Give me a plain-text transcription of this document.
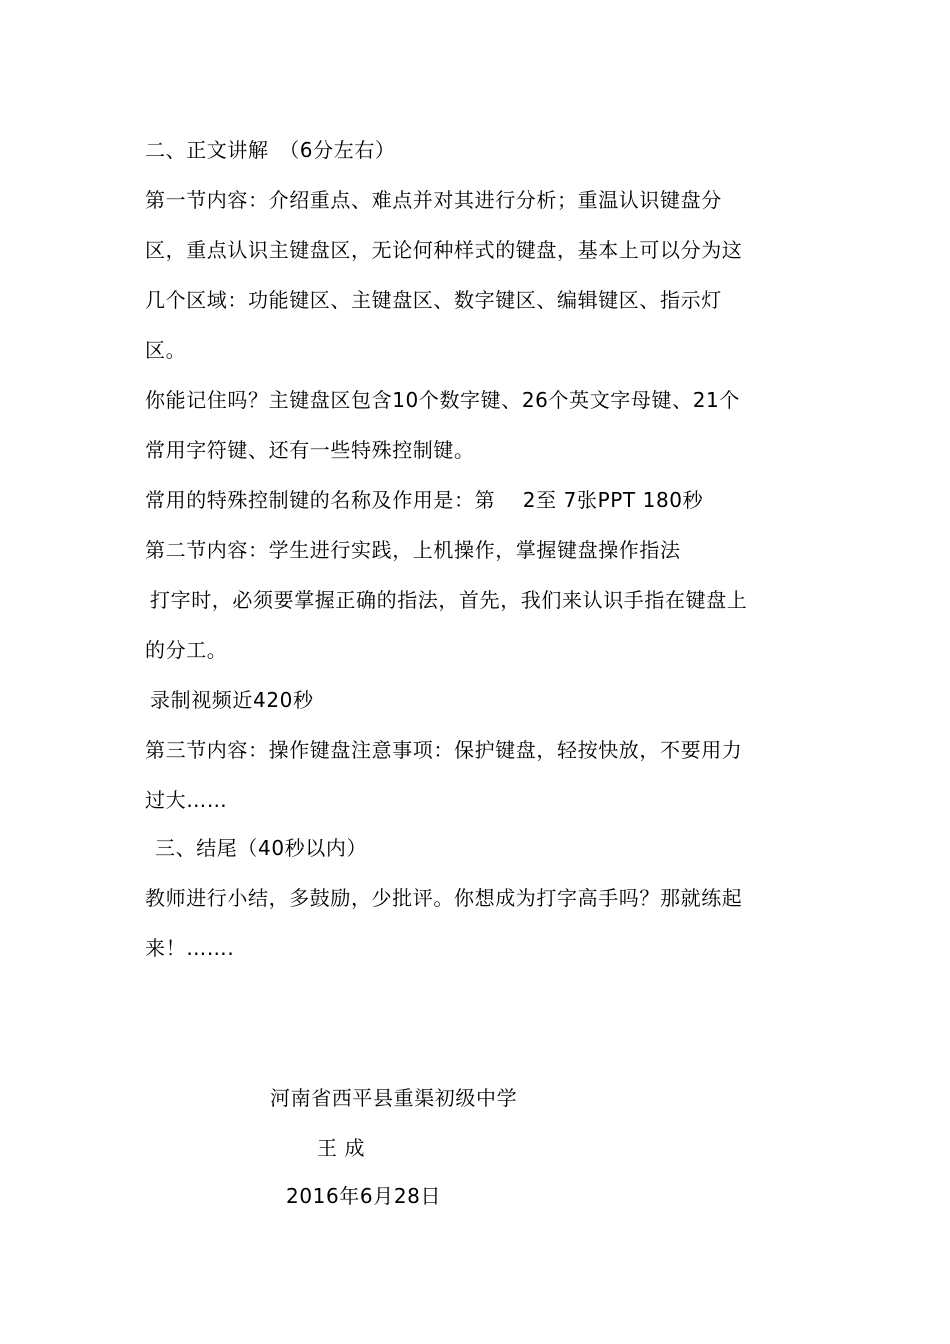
二、正文讲解　（6分左右）
第一节内容：介绍重点、难点并对其进行分析；重温认识键盘分
区，重点认识主键盘区，无论何种样式的键盘，基本上可以分为这
几个区域：功能键区、主键盘区、数字键区、编辑键区、指示灯
区。
你能记住吗？主键盘区包含10个数字键、26个英文字母键、21个
常用字符键、还有一些特殊控制键。
常用的特殊控制键的名称及作用是：第　 2至 7张PPT 180秒
第二节内容：学生进行实践，上机操作，掌握键盘操作指法
打字时，必须要掌握正确的指法，首先，我们来认识手指在键盘上
的分工。
录制视频近420秒
第三节内容：操作键盘注意事项：保护键盘，轻按快放，不要用力
过大……
三、结尾（40秒以内）
教师进行小结，多鼓励，少批评。你想成为打字高手吗？那就练起
来！…….
河南省西平县重渠初级中学
王 成
2016年6月28日
